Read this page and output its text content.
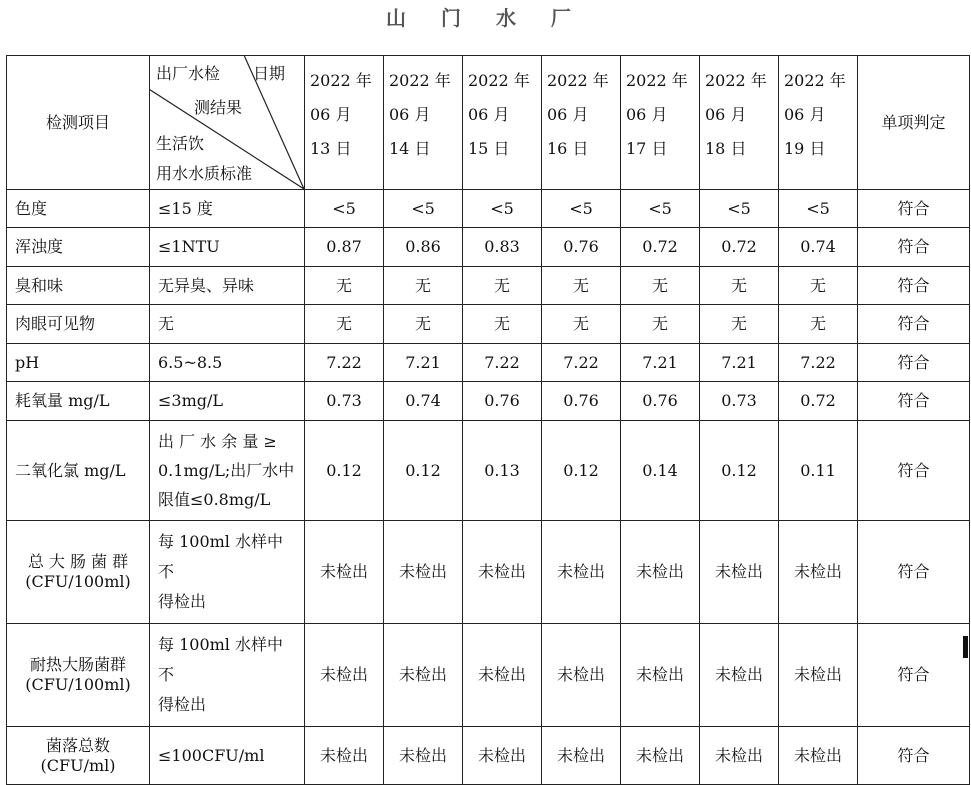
山 门 水 厂
检测项目	出厂水检 日期
测结果
生活饮
用水水质标准	2022 年
06 月
13 日	2022 年
06 月
14 日	2022 年
06 月
15 日	2022 年
06 月
16 日	2022 年
06 月
17 日	2022 年
06 月
18 日	2022 年
06 月
19 日	单项判定
色度	≤15 度	<5	<5	<5	<5	<5	<5	<5	符合
浑浊度	≤1NTU	0.87	0.86	0.83	0.76	0.72	0.72	0.74	符合
臭和味	无异臭、异味	无	无	无	无	无	无	无	符合
肉眼可见物	无	无	无	无	无	无	无	无	符合
pH	6.5~8.5	7.22	7.21	7.22	7.22	7.21	7.21	7.22	符合
耗氧量 mg/L	≤3mg/L	0.73	0.74	0.76	0.76	0.76	0.73	0.72	符合
二氧化氯 mg/L	出 厂 水 余 量 ≥
0.1mg/L;出厂水中
限值≤0.8mg/L	0.12	0.12	0.13	0.12	0.14	0.12	0.11	符合
总 大 肠 菌 群
(CFU/100ml)	每 100ml 水样中不
得检出	未检出	未检出	未检出	未检出	未检出	未检出	未检出	符合
耐热大肠菌群
(CFU/100ml)	每 100ml 水样中不
得检出	未检出	未检出	未检出	未检出	未检出	未检出	未检出	符合
菌落总数
(CFU/ml)	≤100CFU/ml	未检出	未检出	未检出	未检出	未检出	未检出	未检出	符合
